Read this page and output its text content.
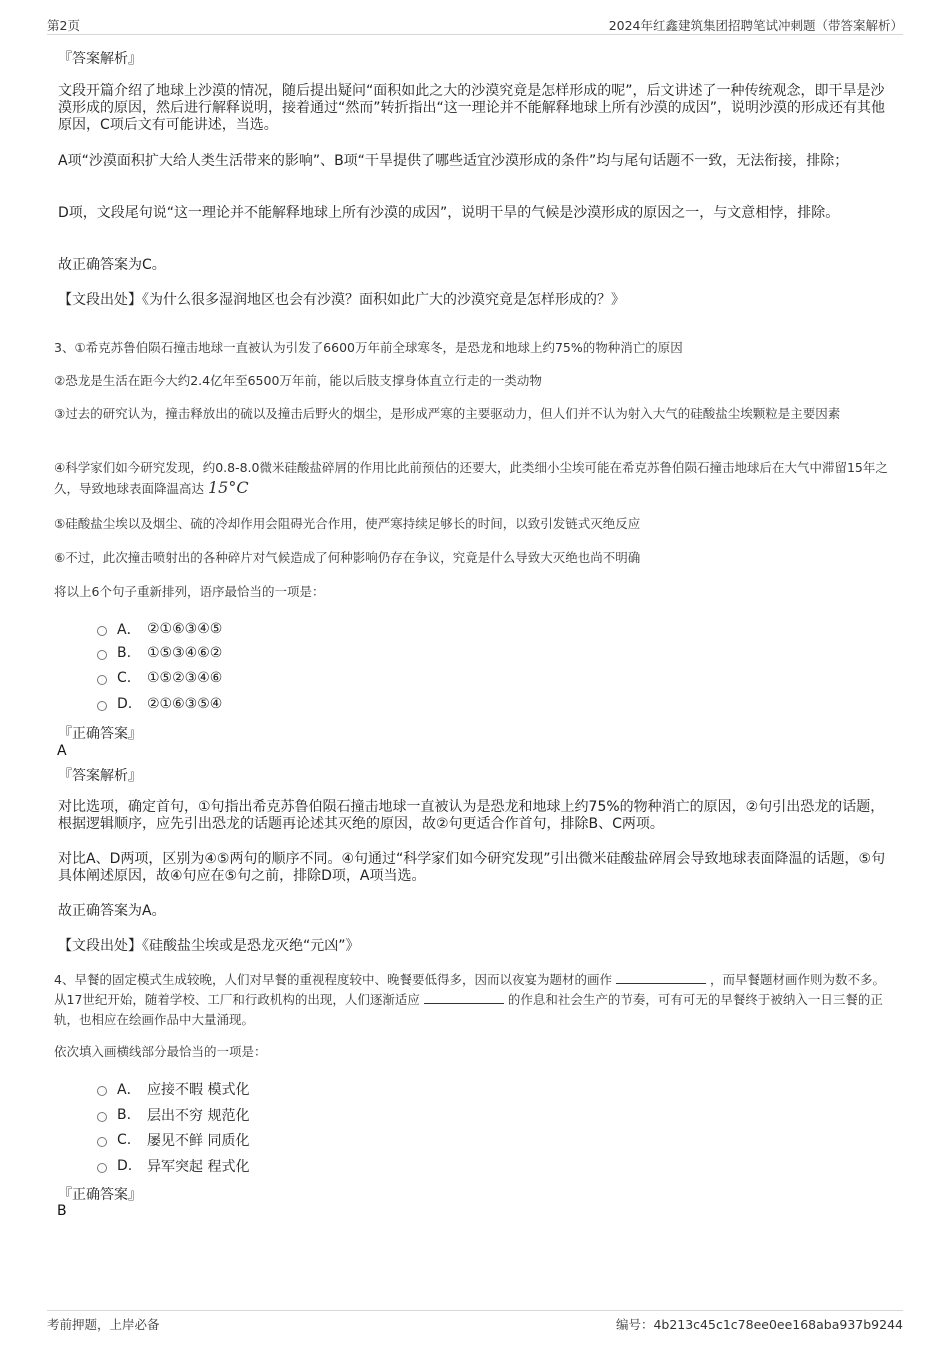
第2页	2024年红鑫建筑集团招聘笔试冲刺题（带答案解析）
『答案解析』
文段开篇介绍了地球上沙漠的情况，随后提出疑问“面积如此之大的沙漠究竟是怎样形成的呢”，后文讲述了一种传统观念，即干旱是沙漠形成的原因，然后进行解释说明，接着通过“然而”转折指出“这一理论并不能解释地球上所有沙漠的成因”，说明沙漠的形成还有其他原因，C项后文有可能讲述，当选。
A项“沙漠面积扩大给人类生活带来的影响”、B项“干旱提供了哪些适宜沙漠形成的条件”均与尾句话题不一致，无法衔接，排除；
D项，文段尾句说“这一理论并不能解释地球上所有沙漠的成因”，说明干旱的气候是沙漠形成的原因之一，与文意相悖，排除。
故正确答案为C。
【文段出处】《为什么很多湿润地区也会有沙漠？面积如此广大的沙漠究竟是怎样形成的？》
3、①希克苏鲁伯陨石撞击地球一直被认为引发了6600万年前全球寒冬，是恐龙和地球上约75%的物种消亡的原因
②恐龙是生活在距今大约2.4亿年至6500万年前，能以后肢支撑身体直立行走的一类动物
③过去的研究认为，撞击释放出的硫以及撞击后野火的烟尘，是形成严寒的主要驱动力，但人们并不认为射入大气的硅酸盐尘埃颗粒是主要因素
④科学家们如今研究发现，约0.8-8.0微米硅酸盐碎屑的作用比此前预估的还要大，此类细小尘埃可能在希克苏鲁伯陨石撞击地球后在大气中滞留15年之久，导致地球表面降温高达 15°C
⑤硅酸盐尘埃以及烟尘、硫的冷却作用会阻碍光合作用，使严寒持续足够长的时间，以致引发链式灭绝反应
⑥不过，此次撞击喷射出的各种碎片对气候造成了何种影响仍存在争议，究竟是什么导致大灭绝也尚不明确
将以上6个句子重新排列，语序最恰当的一项是：
A． ②①⑥③④⑤
B.	①⑤③④⑥②
C.	①⑤②③④⑥
D.	②①⑥③⑤④
『正确答案』
A
『答案解析』
对比选项，确定首句，①句指出希克苏鲁伯陨石撞击地球一直被认为是恐龙和地球上约75%的物种消亡的原因，②句引出恐龙的话题，根据逻辑顺序，应先引出恐龙的话题再论述其灭绝的原因，故②句更适合作首句，排除B、C两项。
对比A、D两项，区别为④⑤两句的顺序不同。④句通过“科学家们如今研究发现”引出微米硅酸盐碎屑会导致地球表面降温的话题，⑤句具体阐述原因，故④句应在⑤句之前，排除D项，A项当选。
故正确答案为A。
【文段出处】《硅酸盐尘埃或是恐龙灭绝“元凶”》
4、早餐的固定模式生成较晚，人们对早餐的重视程度较中、晚餐要低得多，因而以夜宴为题材的画作	，而早餐题材画作则为数不多。从17世纪开始，随着学校、工厂和行政机构的出现，人们逐渐适应	的作息和社会生产的节奏，可有可无的早餐终于被纳入一日三餐的正轨，也相应在绘画作品中大量涌现。
依次填入画横线部分最恰当的一项是：
A． 应接不暇 模式化
B.	层出不穷 规范化
C.	屡见不鲜 同质化
D.	异军突起 程式化
『正确答案』
B
考前押题，上岸必备	编号：4b213c45c1c78ee0ee168aba937b9244
